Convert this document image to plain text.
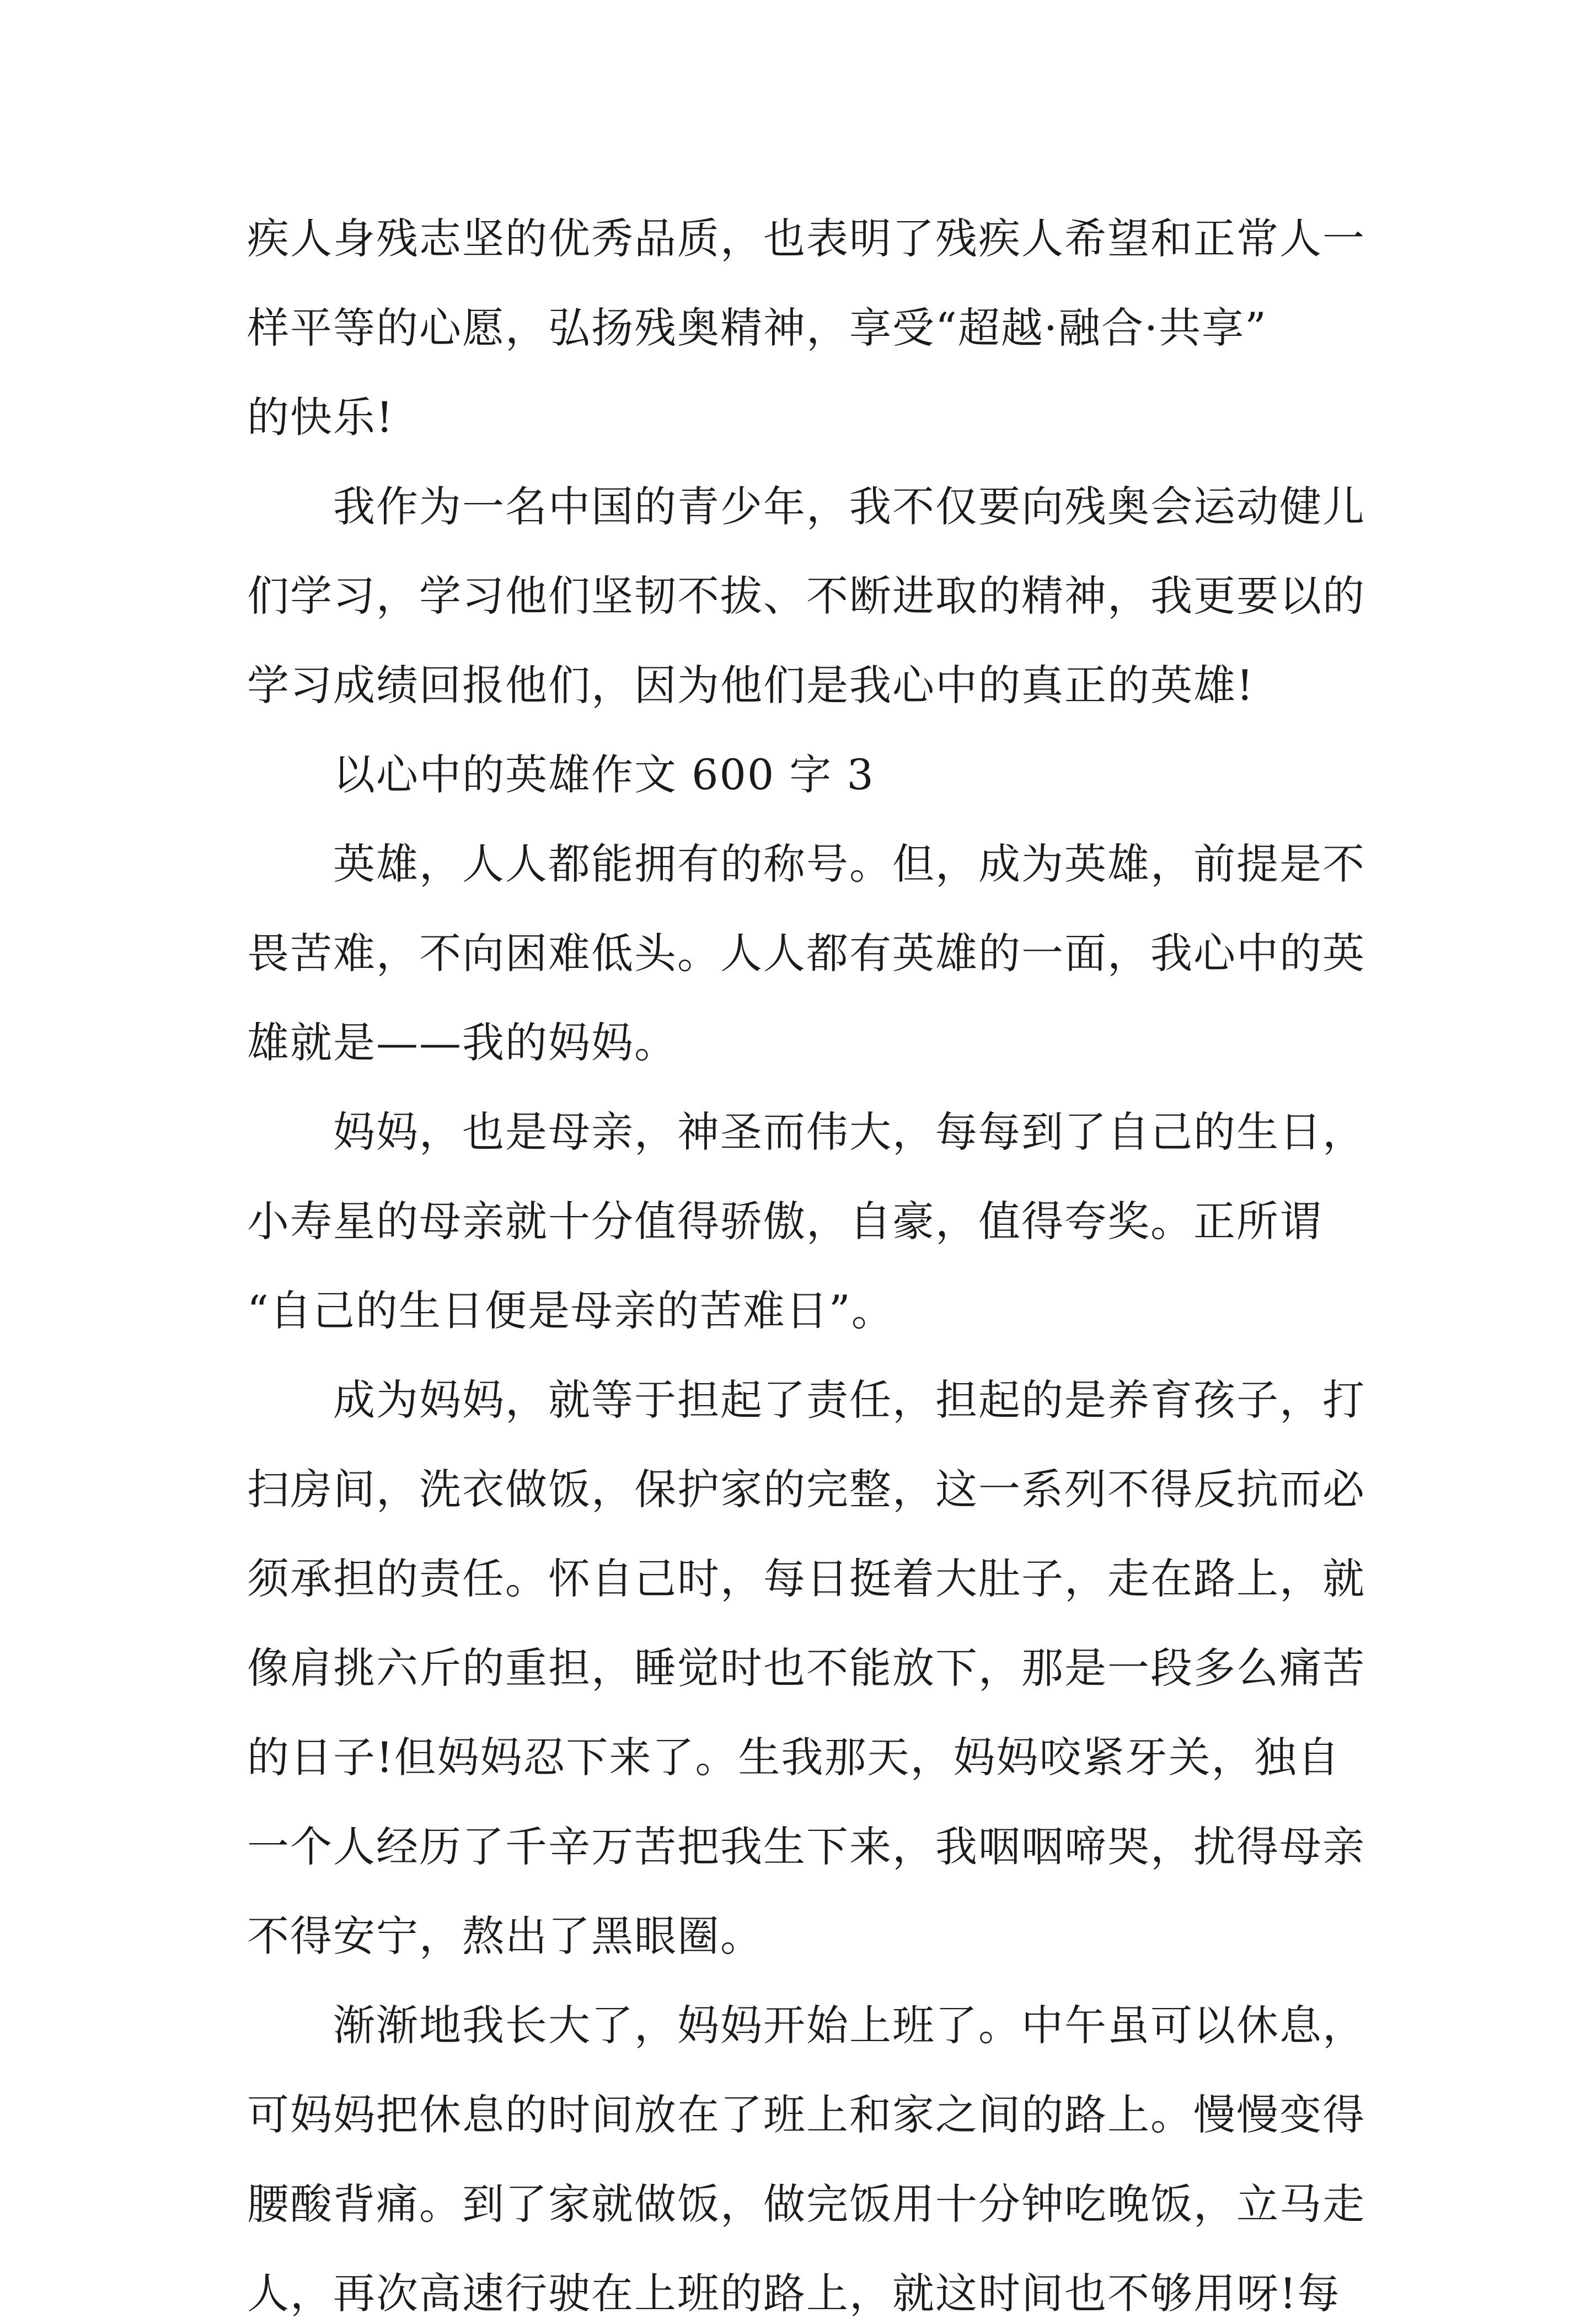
疾人身残志坚的优秀品质，也表明了残疾人希望和正常人一
样平等的心愿，弘扬残奥精神，享受“超越·融合·共享”
的快乐!
我作为一名中国的青少年，我不仅要向残奥会运动健儿
们学习，学习他们坚韧不拔、不断进取的精神，我更要以的
学习成绩回报他们，因为他们是我心中的真正的英雄!
以心中的英雄作文 600 字 3
英雄，人人都能拥有的称号。但，成为英雄，前提是不
畏苦难，不向困难低头。人人都有英雄的一面，我心中的英
雄就是——我的妈妈。
妈妈，也是母亲，神圣而伟大，每每到了自己的生日，
小寿星的母亲就十分值得骄傲，自豪，值得夸奖。正所谓
“自己的生日便是母亲的苦难日”。
成为妈妈，就等于担起了责任，担起的是养育孩子，打
扫房间，洗衣做饭，保护家的完整，这一系列不得反抗而必
须承担的责任。怀自己时，每日挺着大肚子，走在路上，就
像肩挑六斤的重担，睡觉时也不能放下，那是一段多么痛苦
的日子!但妈妈忍下来了。生我那天，妈妈咬紧牙关，独自
一个人经历了千辛万苦把我生下来，我咽咽啼哭，扰得母亲
不得安宁，熬出了黑眼圈。
渐渐地我长大了，妈妈开始上班了。中午虽可以休息，
可妈妈把休息的时间放在了班上和家之间的路上。慢慢变得
腰酸背痛。到了家就做饭，做完饭用十分钟吃晚饭，立马走
人，再次高速行驶在上班的路上，就这时间也不够用呀!每
